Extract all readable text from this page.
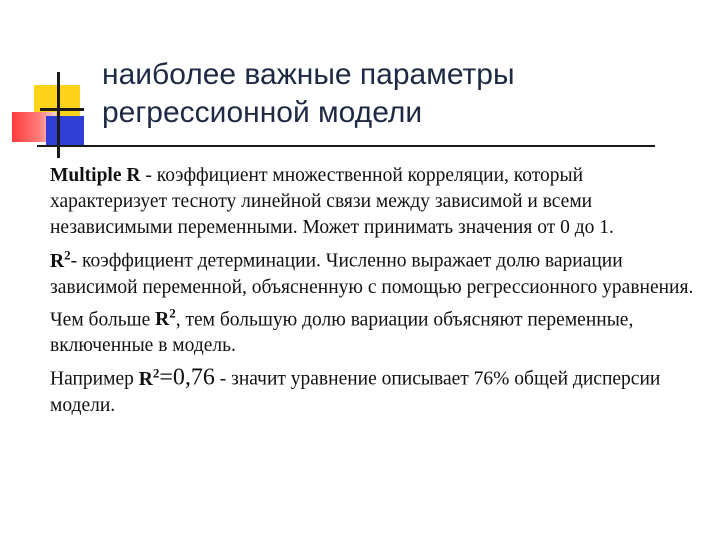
наиболее важные параметры
регрессионной модели

Multiple R - коэффициент множественной корреляции, который характеризует тесноту линейной связи между зависимой и всеми независимыми переменными. Может принимать значения от 0 до 1.

$R^2-$ коэффициент детерминации. Численно выражает долю вариации зависимой переменной, объясненную с помощью регрессионного уравнения. Чем больше $R^2$, тем большую долю вариации объясняют переменные, включенные в модель.

Например $R^2=0,76$ - значит уравнение описывает 76% общей дисперсии модели.
